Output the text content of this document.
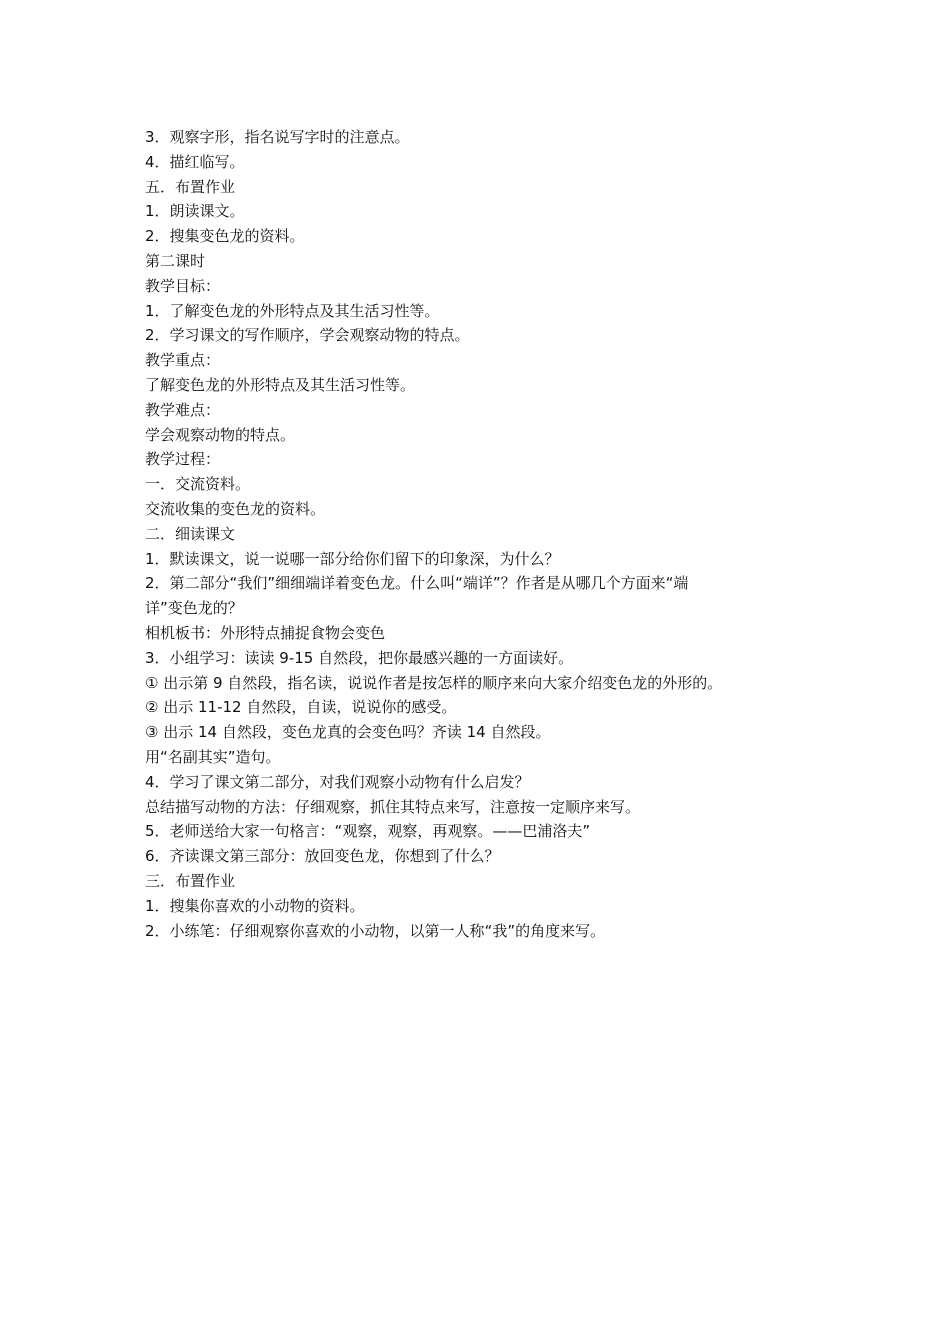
3．观察字形，指名说写字时的注意点。
4．描红临写。
五．布置作业
1．朗读课文。
2．搜集变色龙的资料。
第二课时
教学目标：
1．了解变色龙的外形特点及其生活习性等。
2．学习课文的写作顺序，学会观察动物的特点。
教学重点：
了解变色龙的外形特点及其生活习性等。
教学难点：
学会观察动物的特点。
教学过程：
一．交流资料。
交流收集的变色龙的资料。
二．细读课文
1．默读课文，说一说哪一部分给你们留下的印象深，为什么？
2．第二部分“我们”细细端详着变色龙。什么叫“端详”？作者是从哪几个方面来“端
详”变色龙的？
相机板书：外形特点捕捉食物会变色
3．小组学习：读读 9-15 自然段，把你最感兴趣的一方面读好。
① 出示第 9 自然段，指名读，说说作者是按怎样的顺序来向大家介绍变色龙的外形的。
② 出示 11-12 自然段，自读，说说你的感受。
③ 出示 14 自然段，变色龙真的会变色吗？齐读 14 自然段。
用“名副其实”造句。
4．学习了课文第二部分，对我们观察小动物有什么启发？
总结描写动物的方法：仔细观察，抓住其特点来写，注意按一定顺序来写。
5．老师送给大家一句格言：“观察，观察，再观察。——巴浦洛夫”
6．齐读课文第三部分：放回变色龙，你想到了什么？
三．布置作业
1．搜集你喜欢的小动物的资料。
2．小练笔：仔细观察你喜欢的小动物，以第一人称“我”的角度来写。
